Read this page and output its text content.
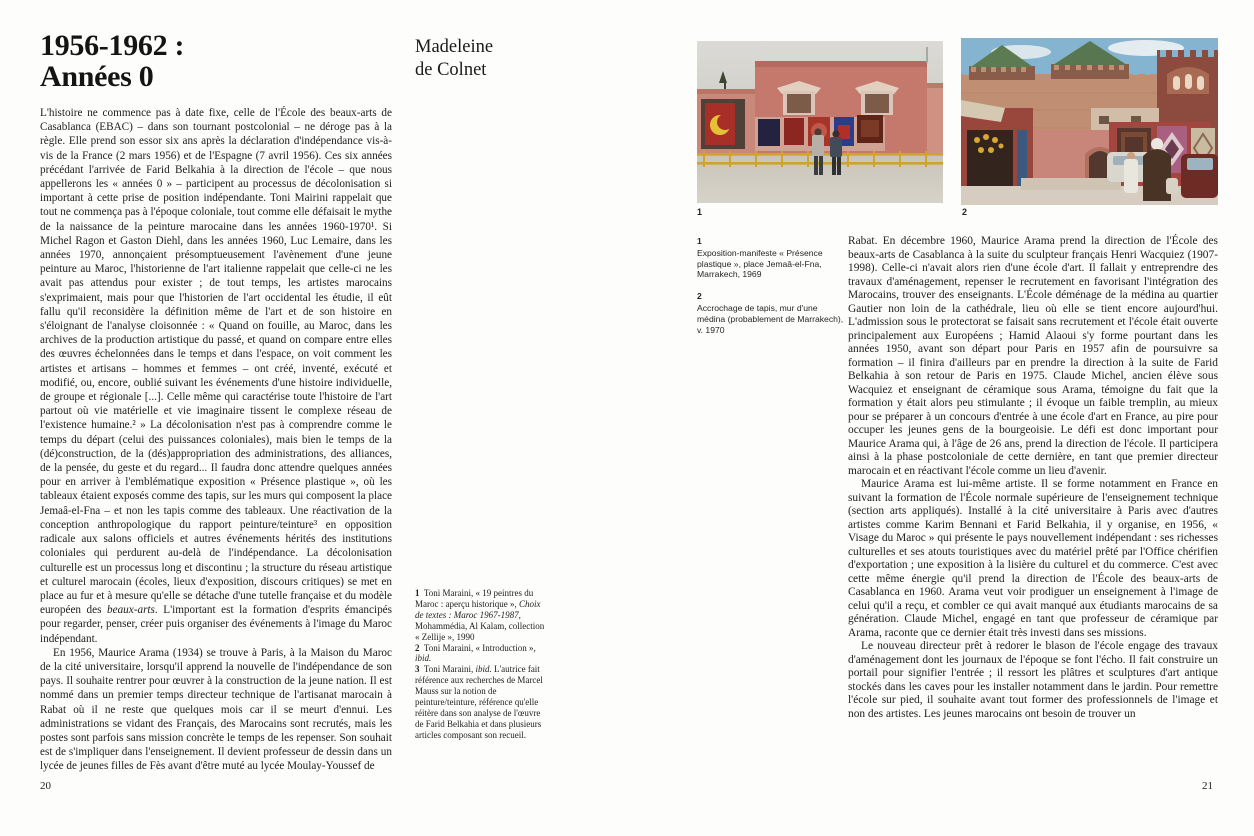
1956-1962 :
Années 0
Madeleine
de Colnet

L'histoire ne commence pas à date fixe, celle de l'École des beaux-arts de Casablanca (EBAC) – dans son tournant postcolonial – ne déroge pas à la règle. Elle prend son essor six ans après la déclaration d'indépendance vis-à-vis de la France (2 mars 1956) et de l'Espagne (7 avril 1956). Ces six années précédant l'arrivée de Farid Belkahia à la direction de l'école – que nous appellerons les « années 0 » – participent au processus de décolonisation si important à cette prise de position indépendante. Toni Mairini rappelait que tout ne commença pas à l'époque coloniale, tout comme elle défaisait le mythe de la naissance de la peinture marocaine dans les années 1960-1970¹. Si Michel Ragon et Gaston Diehl, dans les années 1960, Luc Lemaire, dans les années 1970, annonçaient présomptueusement l'avènement d'une jeune peinture au Maroc, l'historienne de l'art italienne rappelait que celle-ci ne les avait pas attendus pour exister ; de tout temps, les artistes marocains s'exprimaient, mais pour que l'historien de l'art occidental les étudie, il eût fallu qu'il reconsidère la définition même de l'art et de son histoire en s'éloignant de l'analyse cloisonnée : « Quand on fouille, au Maroc, dans les archives de la production artistique du passé, et quand on compare entre elles des œuvres échelonnées dans le temps et dans l'espace, on voit comment les artistes et artisans – hommes et femmes – ont créé, inventé, exécuté et modifié, ou, encore, oublié suivant les événements d'une histoire individuelle, de groupe et régionale [...]. Celle même qui caractérise toute l'histoire de l'art partout où vie matérielle et vie imaginaire tissent le complexe réseau de l'existence humaine.² » La décolonisation n'est pas à comprendre comme le temps du départ (celui des puissances coloniales), mais bien le temps de la (dé)construction, de la (dés)appropriation des administrations, des alliances, de la pensée, du geste et du regard... Il faudra donc attendre quelques années pour en arriver à l'emblématique exposition « Présence plastique », où les tableaux étaient exposés comme des tapis, sur les murs qui composent la place Jemaâ-el-Fna – et non les tapis comme des tableaux. Une réactivation de la conception anthropologique du rapport peinture/teinture³ en opposition radicale aux salons officiels et autres événements hérités des institutions coloniales qui perdurent au-delà de l'indépendance. La décolonisation culturelle est un processus long et discontinu ; la structure du réseau artistique et culturel marocain (écoles, lieux d'exposition, discours critiques) se met en place au fur et à mesure qu'elle se détache d'une tutelle française et du modèle européen des beaux-arts. L'important est la formation d'esprits émancipés pour regarder, penser, créer puis organiser des événements à l'image du Maroc indépendant.

En 1956, Maurice Arama (1934) se trouve à Paris, à la Maison du Maroc de la cité universitaire, lorsqu'il apprend la nouvelle de l'indépendance de son pays. Il souhaite rentrer pour œuvrer à la construction de la jeune nation. Il est nommé dans un premier temps directeur technique de l'artisanat marocain à Rabat où il ne reste que quelques mois car il se meurt d'ennui. Les administrations se vidant des Français, des Marocains sont recrutés, mais les postes sont parfois sans mission concrète le temps de les repenser. Son souhait est de s'impliquer dans l'enseignement. Il devient professeur de dessin dans un lycée de jeunes filles de Fès avant d'être muté au lycée Moulay-Youssef de

1 Toni Maraini, « 19 peintres du Maroc : aperçu historique », Choix de textes : Maroc 1967-1987, Mohammédia, Al Kalam, collection « Zellije », 1990

2 Toni Maraini, « Introduction », ibid.

3 Toni Maraini, ibid. L'autrice fait référence aux recherches de Marcel Mauss sur la notion de peinture/teinture, référence qu'elle réitère dans son analyse de l'œuvre de Farid Belkahia et dans plusieurs articles composant son recueil.

20
1	2
1
Exposition-manifeste « Présence plastique », place Jemaâ-el-Fna, Marrakech, 1969
2
Accrochage de tapis, mur d'une médina (probablement de Marrakech), v. 1970

Rabat. En décembre 1960, Maurice Arama prend la direction de l'École des beaux-arts de Casablanca à la suite du sculpteur français Henri Wacquiez (1907-1998). Celle-ci n'avait alors rien d'une école d'art. Il fallait y entreprendre des travaux d'aménagement, repenser le recrutement en favorisant l'intégration des Marocains, trouver des enseignants. L'École déménage de la médina au quartier Gautier non loin de la cathédrale, lieu où elle se tient encore aujourd'hui. L'admission sous le protectorat se faisait sans recrutement et l'école était ouverte principalement aux Européens ; Hamid Alaoui s'y forme pourtant dans les années 1950, avant son départ pour Paris en 1957 afin de poursuivre sa formation – il finira d'ailleurs par en prendre la direction à la suite de Farid Belkahia à son retour de Paris en 1975. Claude Michel, ancien élève sous Wacquiez et enseignant de céramique sous Arama, témoigne du fait que la formation y était alors peu stimulante ; il évoque un faible tremplin, au mieux pour se préparer à un concours d'entrée à une école d'art en France, au pire pour occuper les jeunes gens de la bourgeoisie. Le défi est donc important pour Maurice Arama qui, à l'âge de 26 ans, prend la direction de l'école. Il participera ainsi à la phase postcoloniale de cette dernière, en tant que premier directeur marocain et en réactivant l'école comme un lieu d'avenir.

Maurice Arama est lui-même artiste. Il se forme notamment en France en suivant la formation de l'École normale supérieure de l'enseignement technique (section arts appliqués). Installé à la cité universitaire à Paris avec d'autres artistes comme Karim Bennani et Farid Belkahia, il y organise, en 1956, « Visage du Maroc » qui présente le pays nouvellement indépendant : ses richesses culturelles et ses atouts touristiques avec du matériel prêté par l'Office chérifien d'exportation ; une exposition à la lisière du culturel et du commerce. C'est avec cette même énergie qu'il prend la direction de l'École des beaux-arts de Casablanca en 1960. Arama veut voir prodiguer un enseignement à l'image de celui qu'il a reçu, et combler ce qui avait manqué aux étudiants marocains de sa génération. Claude Michel, engagé en tant que professeur de céramique par Arama, raconte que ce dernier était très investi dans ses missions.

Le nouveau directeur prêt à redorer le blason de l'école engage des travaux d'aménagement dont les journaux de l'époque se font l'écho. Il fait construire un portail pour signifier l'entrée ; il ressort les plâtres et sculptures d'art antique stockés dans les caves pour les installer notamment dans le jardin. Pour remettre l'école sur pied, il souhaite avant tout former des professionnels de l'image et non des artistes. Les jeunes marocains ont besoin de trouver un

21
